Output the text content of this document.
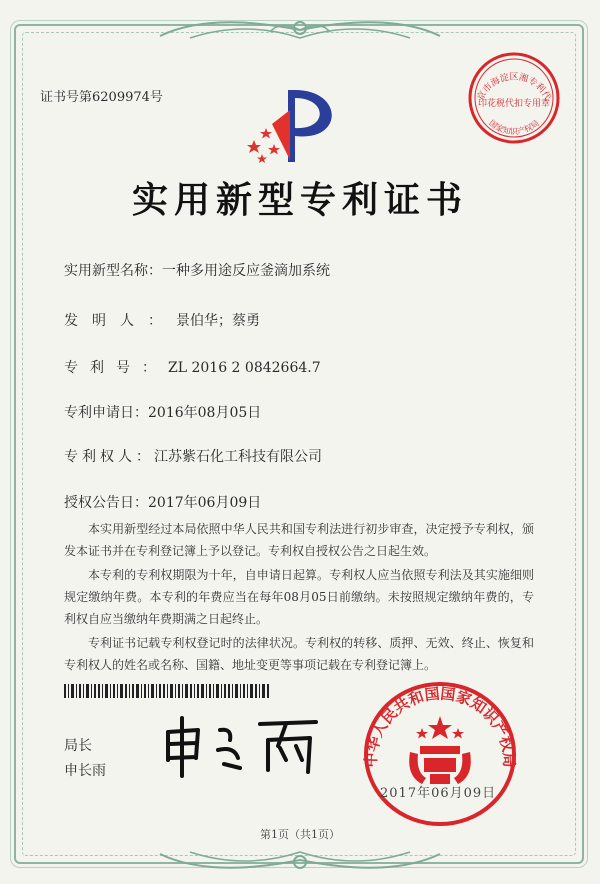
证书号第6209974号	京市海淀区湘专利代
印花税代扣专用章
国家知识产权局
实用新型专利证书
实用新型名称：一种多用途反应釜滴加系统
发明人：景伯华；蔡勇
专利号：ZL 2016 2 0842664.7
专利申请日：2016年08月05日
专利权人：江苏紫石化工科技有限公司
授权公告日：2017年06月09日

本实用新型经过本局依照中华人民共和国专利法进行初步审查，决定授予专利权，颁发本证书并在专利登记簿上予以登记。专利权自授权公告之日起生效。

本专利的专利权期限为十年，自申请日起算。专利权人应当依照专利法及其实施细则规定缴纳年费。本专利的年费应当在每年08月05日前缴纳。未按照规定缴纳年费的，专利权自应当缴纳年费期满之日起终止。

专利证书记载专利权登记时的法律状况。专利权的转移、质押、无效、终止、恢复和专利权人的姓名或名称、国籍、地址变更等事项记载在专利登记簿上。

局长
申长雨
中华人民共和国国家知识产权局
2017年06月09日
第1页（共1页）
